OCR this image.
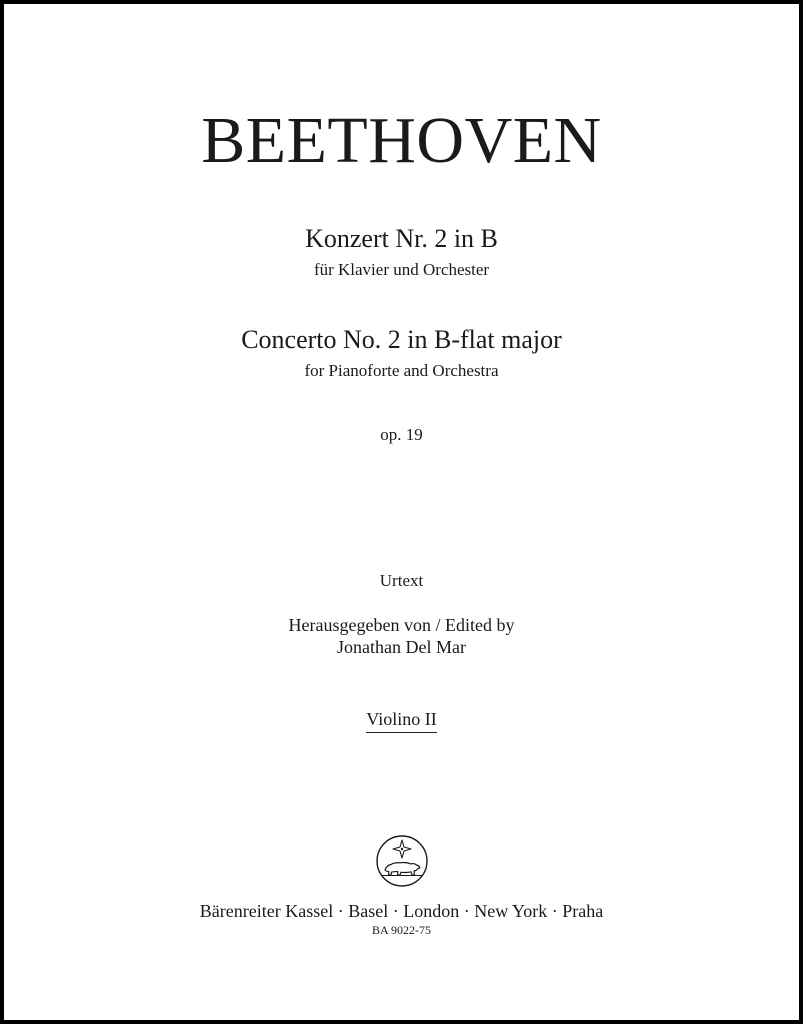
BEETHOVEN
Konzert Nr. 2 in B
für Klavier und Orchester
Concerto No. 2 in B-flat major
for Pianoforte and Orchestra
op. 19
Urtext
Herausgegeben von / Edited by
Jonathan Del Mar
Violino II
Bärenreiter Kassel · Basel · London · New York · Praha
BA 9022-75
